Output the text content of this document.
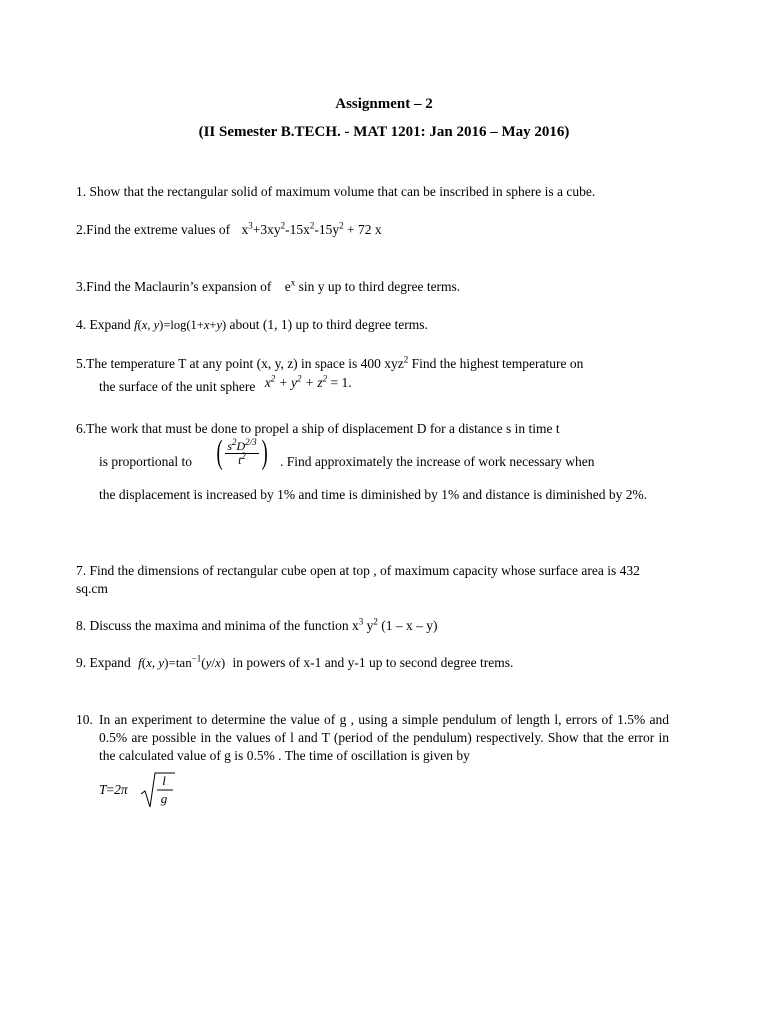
Assignment – 2
(II Semester B.TECH. - MAT 1201: Jan 2016 – May 2016)
1. Show that the rectangular solid of maximum volume that can be inscribed in sphere is a cube.
2.Find the extreme values of $x^3+3xy^2-15x^2-15y^2 + 72$ x
3.Find the Maclaurin’s expansion of $e^x$ sin y up to third degree terms.
4. Expand f(x, y)=log(1+x+y) about (1, 1) up to third degree terms.
5.The temperature T at any point (x, y, z) in space is 400 xyz$^2$ Find the highest temperature on
the surface of the unit sphere $x^2 + y^2 + z^2 = 1$.
6.The work that must be done to propel a ship of displacement D for a distance s in time t
is proportional to ( $\frac{s^2D^{2/3}}{t^2}$ ) . Find approximately the increase of work necessary when
the displacement is increased by 1% and time is diminished by 1% and distance is diminished by 2%.
7. Find the dimensions of rectangular cube open at top , of maximum capacity whose surface area is 432 sq.cm
8. Discuss the maxima and minima of the function $x^3$ $y^2$ (1 – x – y)
9. Expand f(x, $y)=\tan^{-1}(y/x)$ in powers of x-1 and y-1 up to second degree trems.
10. In an experiment to determine the value of g , using a simple pendulum of length l, errors of 1.5% and 0.5% are possible in the values of l and T (period of the pendulum) respectively. Show that the error in the calculated value of g is 0.5% . The time of oscillation is given by
T=2π
l
g
